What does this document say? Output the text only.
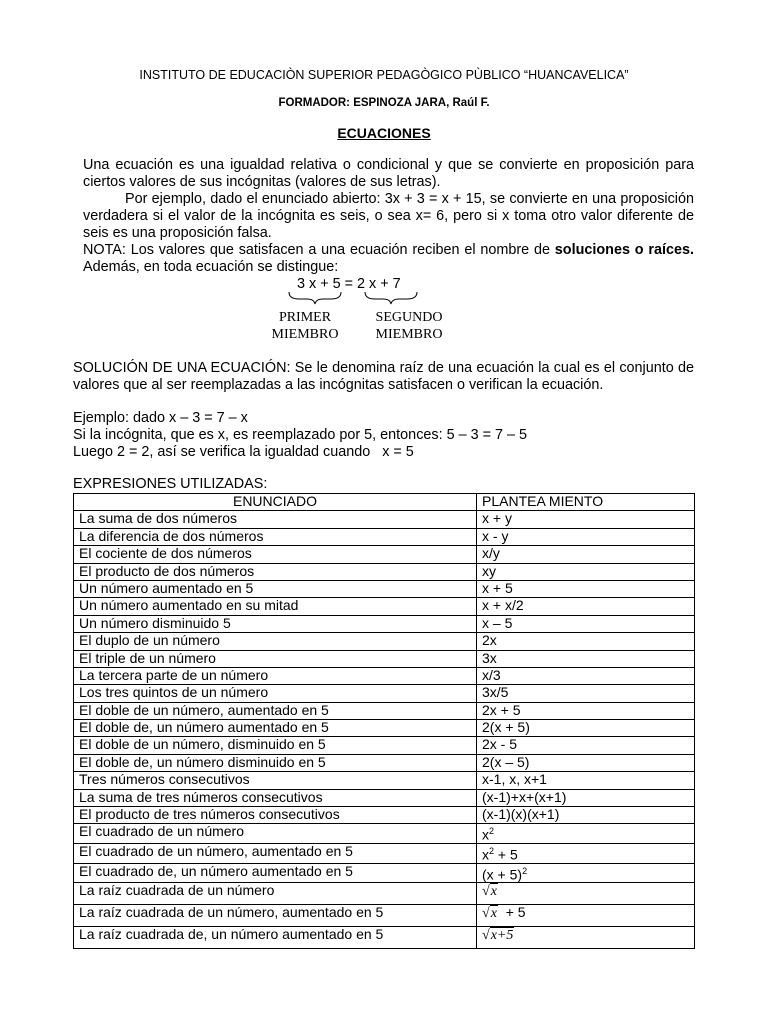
INSTITUTO DE EDUCACIÒN SUPERIOR PEDAGÒGICO PÙBLICO “HUANCAVELICA”
FORMADOR: ESPINOZA JARA, Raúl F.
ECUACIONES
Una ecuación es una igualdad relativa o condicional y que se convierte en proposición para ciertos valores de sus incógnitas (valores de sus letras).
Por ejemplo, dado el enunciado abierto: 3x + 3 = x + 15, se convierte en una proposición verdadera si el valor de la incógnita es seis, o sea x= 6, pero si x toma otro valor diferente de seis es una proposición falsa.
NOTA: Los valores que satisfacen a una ecuación reciben el nombre de soluciones o raíces. Además, en toda ecuación se distingue:
3 x + 5 = 2 x + 7
PRIMER
MIEMBRO
SEGUNDO
MIEMBRO
SOLUCIÓN DE UNA ECUACIÓN: Se le denomina raíz de una ecuación la cual es el conjunto de valores que al ser reemplazadas a las incógnitas satisfacen o verifican la ecuación.
Ejemplo: dado x – 3 = 7 – x
Si la incógnita, que es x, es reemplazado por 5, entonces: 5 – 3 = 7 – 5
Luego 2 = 2, así se verifica la igualdad cuando   x = 5
EXPRESIONES UTILIZADAS:
ENUNCIADO	PLANTEA MIENTO
La suma de dos números	x + y
La diferencia de dos números	x - y
El cociente de dos números	x/y
El producto de dos números	xy
Un número aumentado en 5	x + 5
Un número aumentado en su mitad	x + x/2
Un número disminuido 5	x – 5
El duplo de un número	2x
El triple de un número	3x
La tercera parte de un número	x/3
Los tres quintos de un número	3x/5
El doble de un número, aumentado en 5	2x + 5
El doble de, un número aumentado en 5	2(x + 5)
El doble de un número, disminuido en 5	2x - 5
El doble de, un número disminuido en 5	2(x – 5)
Tres números consecutivos	x-1, x, x+1
La suma de tres números consecutivos	(x-1)+x+(x+1)
El producto de tres números consecutivos	(x-1)(x)(x+1)
El cuadrado de un número	$x^2$
El cuadrado de un número, aumentado en 5	$x^2 + 5$
El cuadrado de, un número aumentado en 5	$(x + 5)^2$
La raíz cuadrada de un número	√x
La raíz cuadrada de un número, aumentado en 5	√x + 5
La raíz cuadrada de, un número aumentado en 5	√x+5
